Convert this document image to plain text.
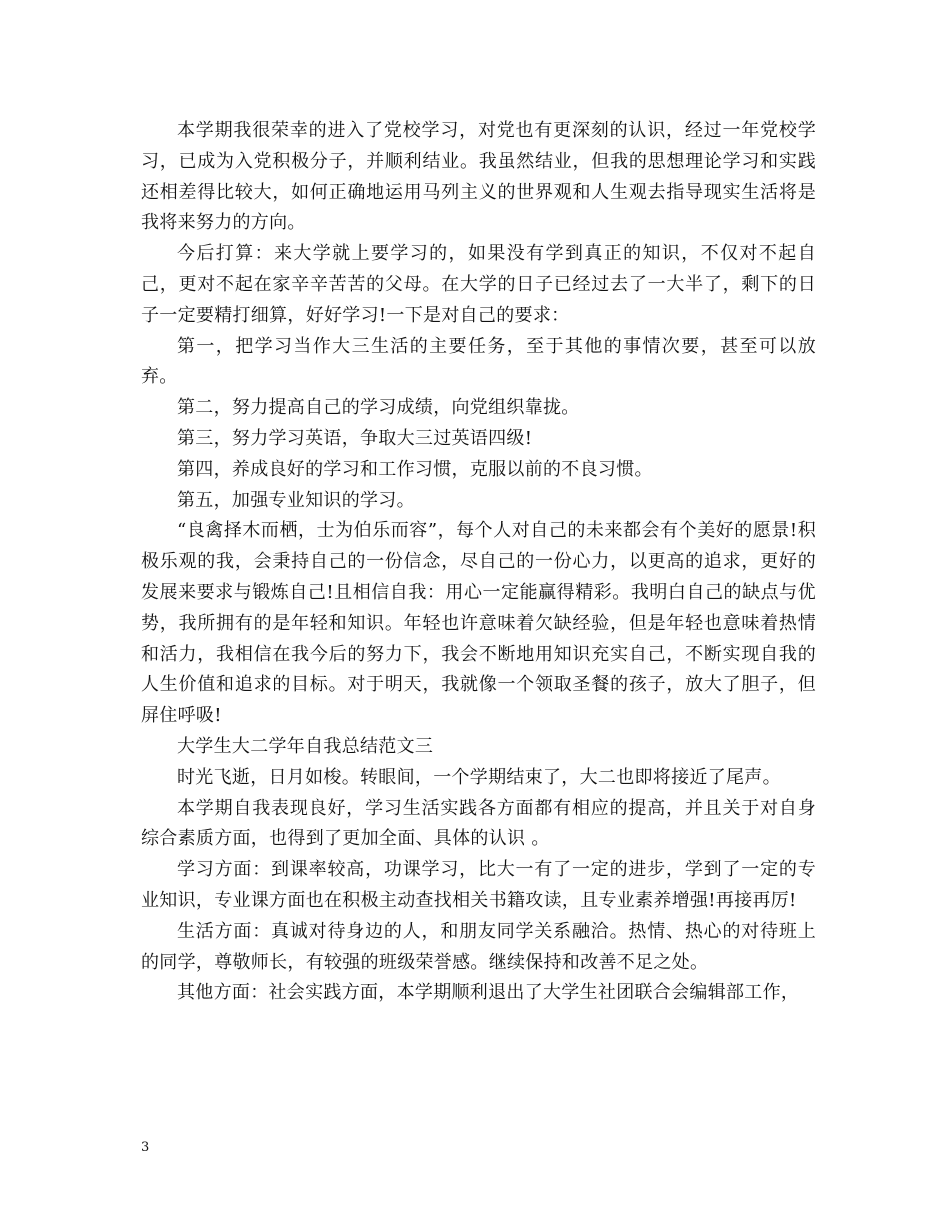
本学期我很荣幸的进入了党校学习，对党也有更深刻的认识，经过一年党校学习，已成为入党积极分子，并顺利结业。我虽然结业，但我的思想理论学习和实践还相差得比较大，如何正确地运用马列主义的世界观和人生观去指导现实生活将是我将来努力的方向。

今后打算：来大学就上要学习的，如果没有学到真正的知识，不仅对不起自己，更对不起在家辛辛苦苦的父母。在大学的日子已经过去了一大半了，剩下的日子一定要精打细算，好好学习!一下是对自己的要求：

第一，把学习当作大三生活的主要任务，至于其他的事情次要，甚至可以放弃。

第二，努力提高自己的学习成绩，向党组织靠拢。

第三，努力学习英语，争取大三过英语四级!

第四，养成良好的学习和工作习惯，克服以前的不良习惯。

第五，加强专业知识的学习。

“良禽择木而栖，士为伯乐而容”，每个人对自己的未来都会有个美好的愿景!积极乐观的我，会秉持自己的一份信念，尽自己的一份心力，以更高的追求，更好的发展来要求与锻炼自己!且相信自我：用心一定能赢得精彩。我明白自己的缺点与优势，我所拥有的是年轻和知识。年轻也许意味着欠缺经验，但是年轻也意味着热情和活力，我相信在我今后的努力下，我会不断地用知识充实自己，不断实现自我的人生价值和追求的目标。对于明天，我就像一个领取圣餐的孩子，放大了胆子，但屏住呼吸!

大学生大二学年自我总结范文三

时光飞逝，日月如梭。转眼间，一个学期结束了，大二也即将接近了尾声。

本学期自我表现良好，学习生活实践各方面都有相应的提高，并且关于对自身综合素质方面，也得到了更加全面、具体的认识 。

学习方面：到课率较高，功课学习，比大一有了一定的进步，学到了一定的专业知识，专业课方面也在积极主动查找相关书籍攻读，且专业素养增强!再接再厉!

生活方面：真诚对待身边的人，和朋友同学关系融洽。热情、热心的对待班上的同学，尊敬师长，有较强的班级荣誉感。继续保持和改善不足之处。

其他方面：社会实践方面，本学期顺利退出了大学生社团联合会编辑部工作，

3
